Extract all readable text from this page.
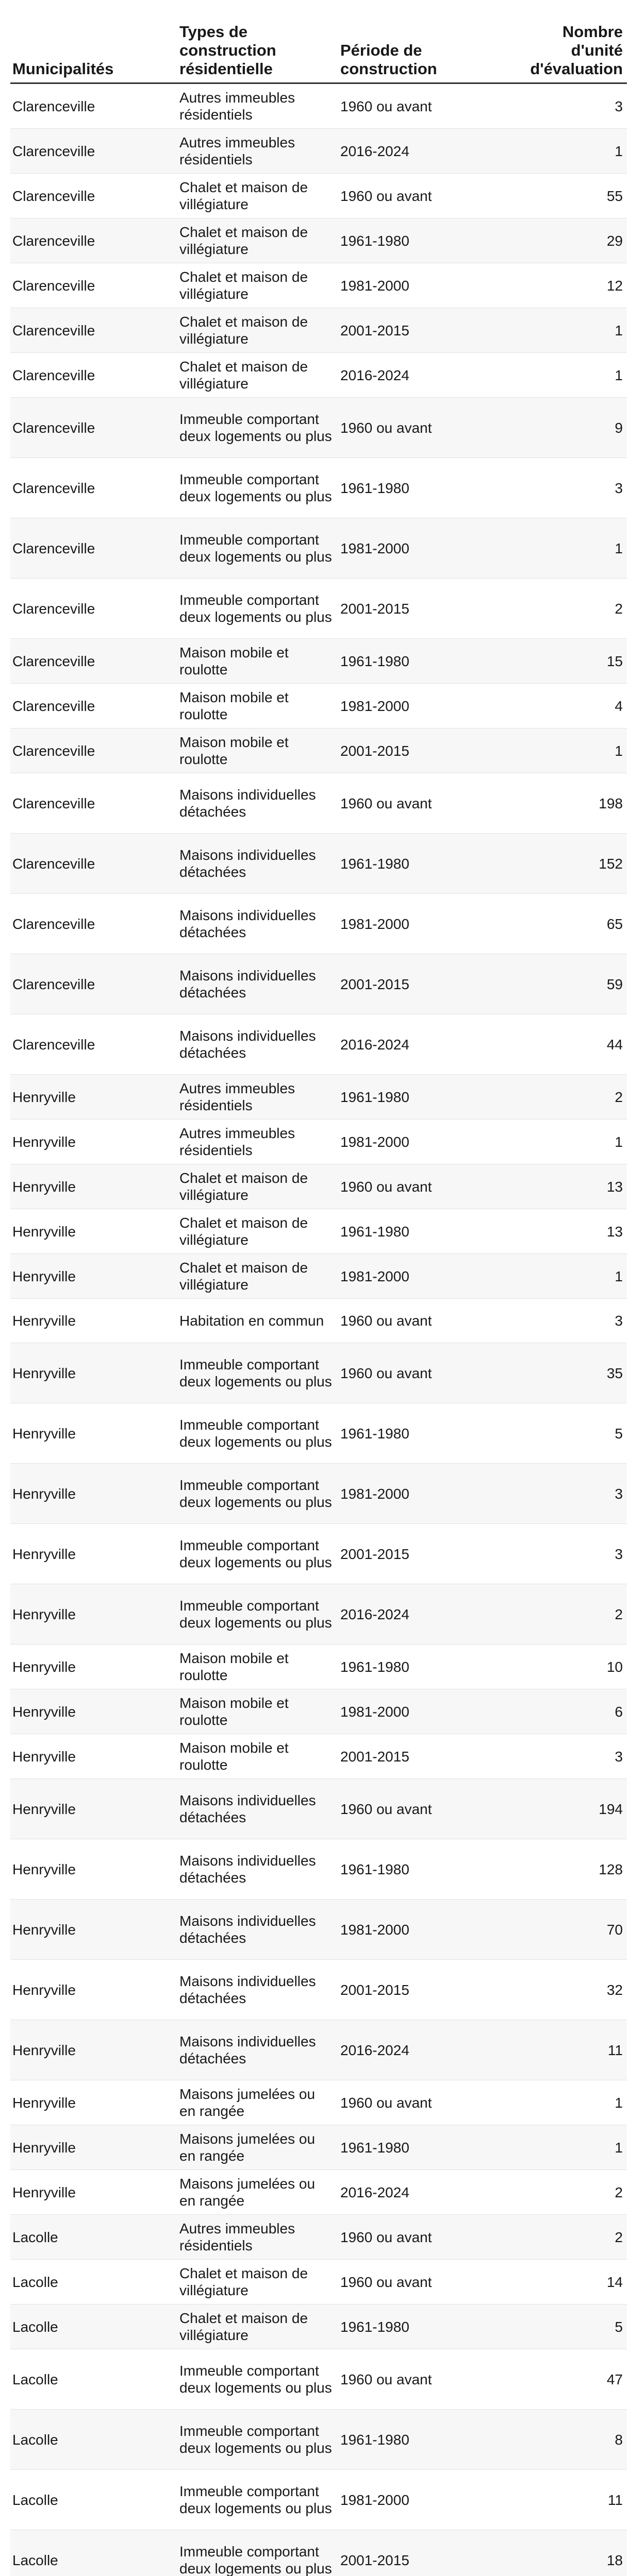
Municipalités	Types de construction résidentielle	Période de construction	Nombre d'unité d'évaluation
Clarenceville	Autres immeubles résidentiels	1960 ou avant	3
Clarenceville	Autres immeubles résidentiels	2016-2024	1
Clarenceville	Chalet et maison de villégiature	1960 ou avant	55
Clarenceville	Chalet et maison de villégiature	1961-1980	29
Clarenceville	Chalet et maison de villégiature	1981-2000	12
Clarenceville	Chalet et maison de villégiature	2001-2015	1
Clarenceville	Chalet et maison de villégiature	2016-2024	1
Clarenceville	Immeuble comportant deux logements ou plus	1960 ou avant	9
Clarenceville	Immeuble comportant deux logements ou plus	1961-1980	3
Clarenceville	Immeuble comportant deux logements ou plus	1981-2000	1
Clarenceville	Immeuble comportant deux logements ou plus	2001-2015	2
Clarenceville	Maison mobile et roulotte	1961-1980	15
Clarenceville	Maison mobile et roulotte	1981-2000	4
Clarenceville	Maison mobile et roulotte	2001-2015	1
Clarenceville	Maisons individuelles détachées	1960 ou avant	198
Clarenceville	Maisons individuelles détachées	1961-1980	152
Clarenceville	Maisons individuelles détachées	1981-2000	65
Clarenceville	Maisons individuelles détachées	2001-2015	59
Clarenceville	Maisons individuelles détachées	2016-2024	44
Henryville	Autres immeubles résidentiels	1961-1980	2
Henryville	Autres immeubles résidentiels	1981-2000	1
Henryville	Chalet et maison de villégiature	1960 ou avant	13
Henryville	Chalet et maison de villégiature	1961-1980	13
Henryville	Chalet et maison de villégiature	1981-2000	1
Henryville	Habitation en commun	1960 ou avant	3
Henryville	Immeuble comportant deux logements ou plus	1960 ou avant	35
Henryville	Immeuble comportant deux logements ou plus	1961-1980	5
Henryville	Immeuble comportant deux logements ou plus	1981-2000	3
Henryville	Immeuble comportant deux logements ou plus	2001-2015	3
Henryville	Immeuble comportant deux logements ou plus	2016-2024	2
Henryville	Maison mobile et roulotte	1961-1980	10
Henryville	Maison mobile et roulotte	1981-2000	6
Henryville	Maison mobile et roulotte	2001-2015	3
Henryville	Maisons individuelles détachées	1960 ou avant	194
Henryville	Maisons individuelles détachées	1961-1980	128
Henryville	Maisons individuelles détachées	1981-2000	70
Henryville	Maisons individuelles détachées	2001-2015	32
Henryville	Maisons individuelles détachées	2016-2024	11
Henryville	Maisons jumelées ou en rangée	1960 ou avant	1
Henryville	Maisons jumelées ou en rangée	1961-1980	1
Henryville	Maisons jumelées ou en rangée	2016-2024	2
Lacolle	Autres immeubles résidentiels	1960 ou avant	2
Lacolle	Chalet et maison de villégiature	1960 ou avant	14
Lacolle	Chalet et maison de villégiature	1961-1980	5
Lacolle	Immeuble comportant deux logements ou plus	1960 ou avant	47
Lacolle	Immeuble comportant deux logements ou plus	1961-1980	8
Lacolle	Immeuble comportant deux logements ou plus	1981-2000	11
Lacolle	Immeuble comportant deux logements ou plus	2001-2015	18
